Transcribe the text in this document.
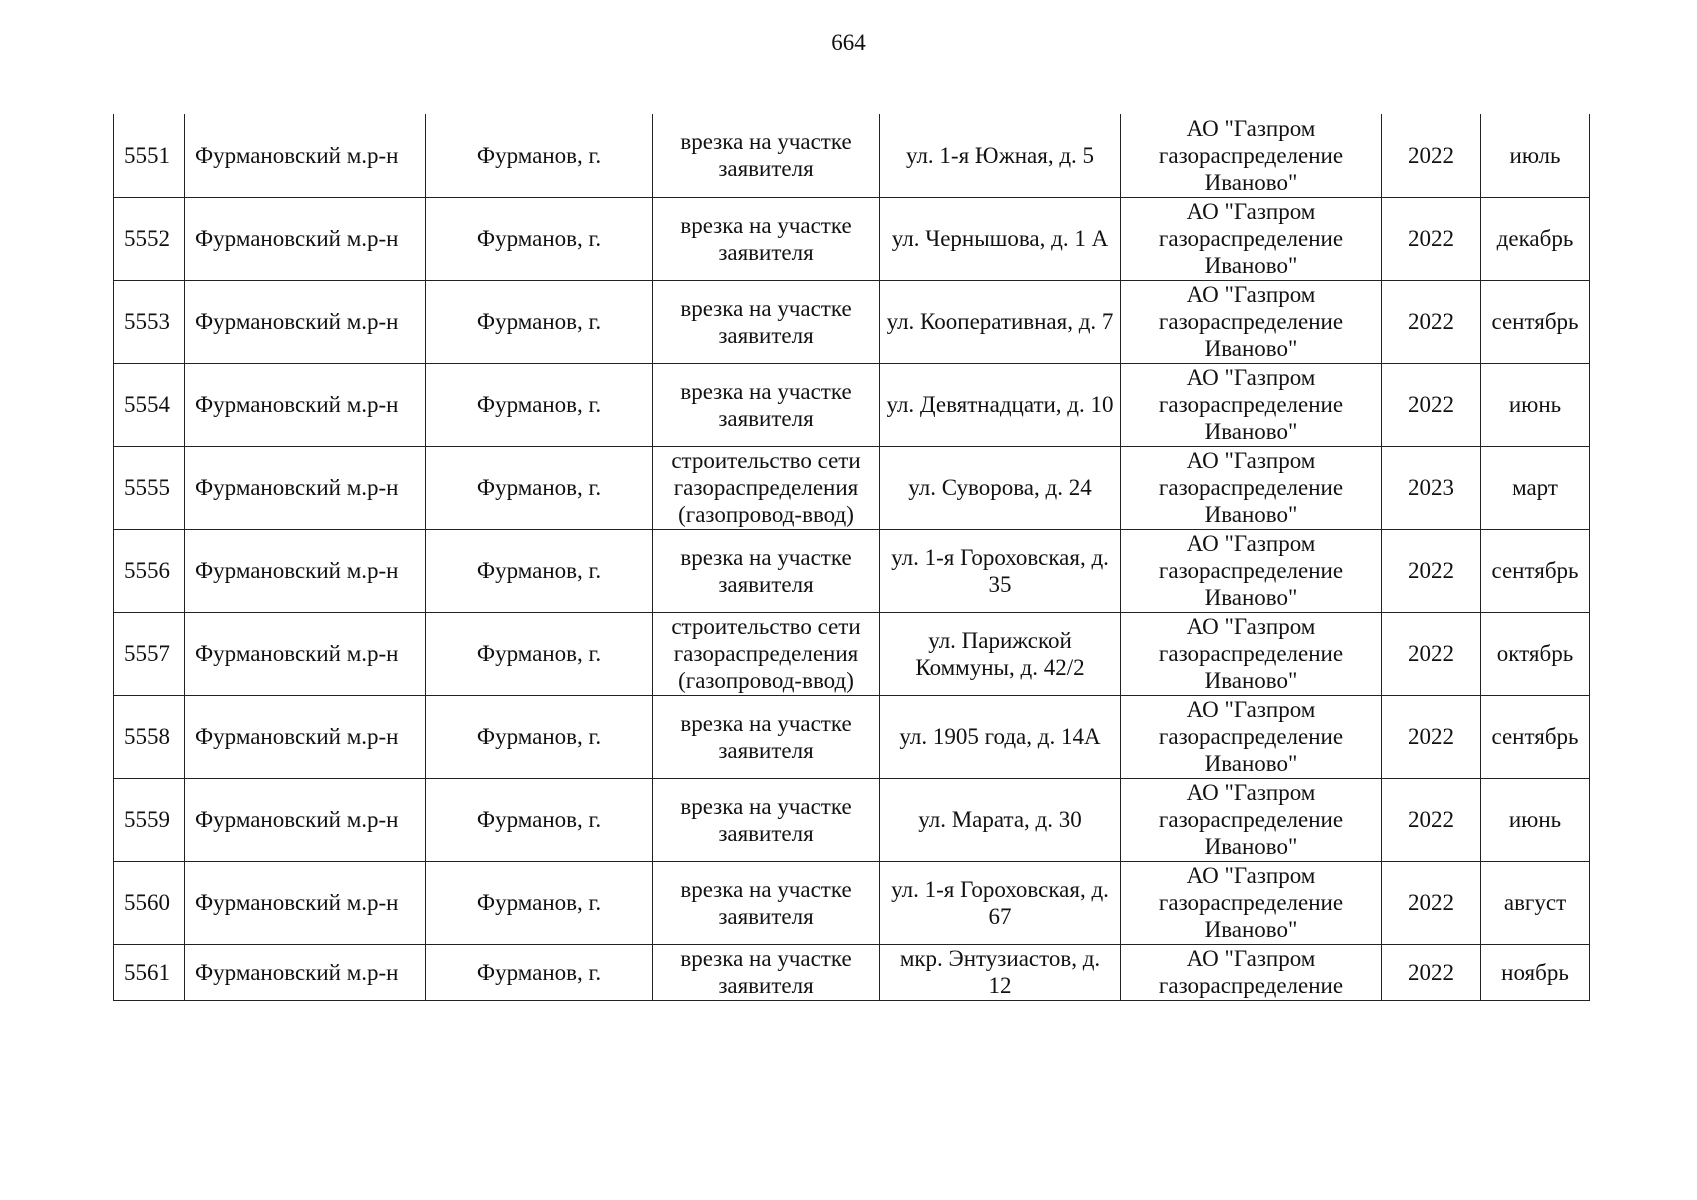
664
5551	Фурмановский м.р-н	Фурманов, г.	врезка на участке заявителя	ул. 1-я Южная, д. 5	АО "Газпром газораспределение Иваново"	2022	июль
5552	Фурмановский м.р-н	Фурманов, г.	врезка на участке заявителя	ул. Чернышова, д. 1 А	АО "Газпром газораспределение Иваново"	2022	декабрь
5553	Фурмановский м.р-н	Фурманов, г.	врезка на участке заявителя	ул. Кооперативная, д. 7	АО "Газпром газораспределение Иваново"	2022	сентябрь
5554	Фурмановский м.р-н	Фурманов, г.	врезка на участке заявителя	ул. Девятнадцати, д. 10	АО "Газпром газораспределение Иваново"	2022	июнь
5555	Фурмановский м.р-н	Фурманов, г.	строительство сети газораспределения (газопровод-ввод)	ул. Суворова, д. 24	АО "Газпром газораспределение Иваново"	2023	март
5556	Фурмановский м.р-н	Фурманов, г.	врезка на участке заявителя	ул. 1-я Гороховская, д. 35	АО "Газпром газораспределение Иваново"	2022	сентябрь
5557	Фурмановский м.р-н	Фурманов, г.	строительство сети газораспределения (газопровод-ввод)	ул. Парижской Коммуны, д. 42/2	АО "Газпром газораспределение Иваново"	2022	октябрь
5558	Фурмановский м.р-н	Фурманов, г.	врезка на участке заявителя	ул. 1905 года, д. 14А	АО "Газпром газораспределение Иваново"	2022	сентябрь
5559	Фурмановский м.р-н	Фурманов, г.	врезка на участке заявителя	ул. Марата, д. 30	АО "Газпром газораспределение Иваново"	2022	июнь
5560	Фурмановский м.р-н	Фурманов, г.	врезка на участке заявителя	ул. 1-я Гороховская, д. 67	АО "Газпром газораспределение Иваново"	2022	август
5561	Фурмановский м.р-н	Фурманов, г.	врезка на участке заявителя	мкр. Энтузиастов, д. 12	АО "Газпром газораспределение	2022	ноябрь
